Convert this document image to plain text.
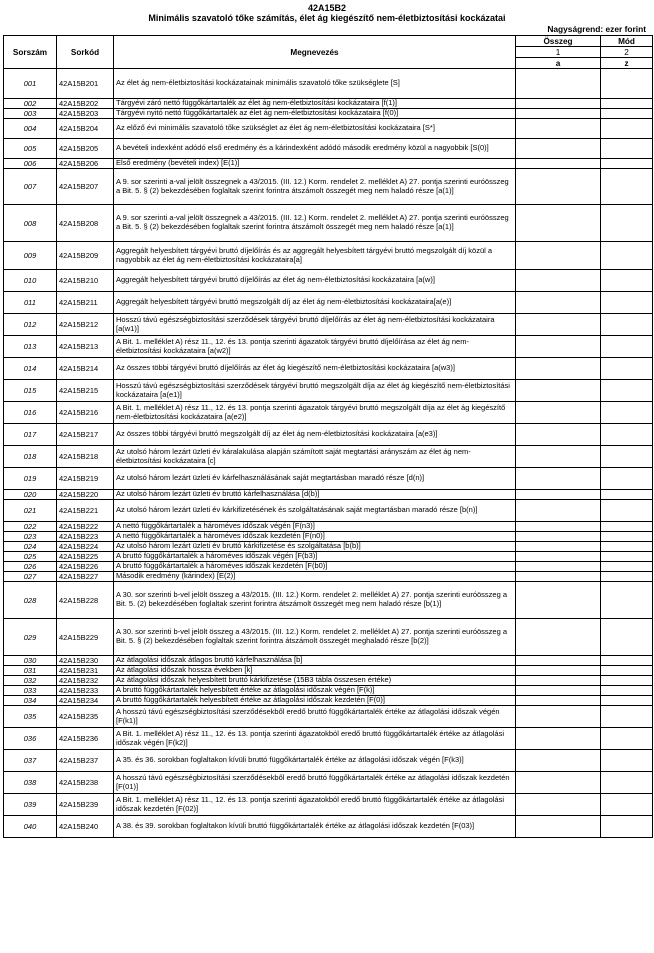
42A15B2
Minimális szavatoló tőke számítás, élet ág kiegészítő nem-életbiztosítási kockázatai
Nagyságrend: ezer forint
Sorszám	Sorkód	Megnevezés	Összeg	Mód
			1	2
			a	z
001	42A15B201	Az élet ág nem-életbiztosítási kockázatainak minimális szavatoló tőke szükséglete [S]		
002	42A15B202	Tárgyévi záró nettó függőkártartalék az élet ág nem-életbiztosítási kockázataira [f(1)]		
003	42A15B203	Tárgyévi nyitó nettó függőkártartalék az élet ág nem-életbiztosítási kockázataira [f(0)]		
004	42A15B204	Az előző évi minimális szavatoló tőke szükséglet az élet ág nem-életbiztosítási kockázataira [S*]		
005	42A15B205	A bevételi indexként adódó első eredmény és a kárindexként adódó második eredmény közül a nagyobbik [S(0)]		
006	42A15B206	Első eredmény (bevételi index) [E(1)]		
007	42A15B207	A 9. sor szerinti a-val jelölt összegnek a 43/2015. (III. 12.) Korm. rendelet 2. melléklet A) 27. pontja szerinti euróösszeg a Bit. 5. § (2) bekezdésében foglaltak szerint forintra átszámolt összegét meg nem haladó része [a(1)]		
008	42A15B208	A 9. sor szerinti a-val jelölt összegnek a 43/2015. (III. 12.) Korm. rendelet 2. melléklet A) 27. pontja szerinti euróösszeg a Bit. 5. § (2) bekezdésében foglaltak szerint forintra átszámolt összegét meg nem haladó része [a(1)]		
009	42A15B209	Aggregált helyesbített tárgyévi bruttó díjelőírás és az aggregált helyesbített tárgyévi bruttó megszolgált díj közül a nagyobbik az élet ág nem-életbiztosítási kockázataira[a]		
010	42A15B210	Aggregált helyesbített tárgyévi bruttó díjelőírás az élet ág nem-életbiztosítási kockázataira [a(w)]		
011	42A15B211	Aggregált helyesbített tárgyévi bruttó megszolgált díj az élet ág nem-életbiztosítási kockázataira[a(e)]		
012	42A15B212	Hosszú távú egészségbiztosítási szerződések tárgyévi bruttó díjelőírás az élet ág nem-életbiztosítási kockázataira [a(w1)]		
013	42A15B213	A Bit. 1. melléklet A) rész 11., 12. és 13. pontja szerinti ágazatok tárgyévi bruttó díjelőírása az élet ág nem-életbiztosítási kockázataira [a(w2)]		
014	42A15B214	Az összes többi tárgyévi bruttó díjelőírás az élet ág kiegészítő nem-életbiztosítási kockázataira [a(w3)]		
015	42A15B215	Hosszú távú egészségbiztosítási szerződések tárgyévi bruttó megszolgált díja az élet ág kiegészítő nem-életbiztosítási kockázataira [a(e1)]		
016	42A15B216	A Bit. 1. melléklet A) rész 11., 12. és 13. pontja szerinti ágazatok tárgyévi bruttó megszolgált díja az élet ág kiegészítő nem-életbiztosítási kockázataira [a(e2)]		
017	42A15B217	Az összes többi tárgyévi bruttó megszolgált díj az élet ág nem-életbiztosítási kockázataira [a(e3)]		
018	42A15B218	Az utolsó három lezárt üzleti év káralakulása alapján számított saját megtartási arányszám az élet ág nem-életbiztosítási kockázataira [c]		
019	42A15B219	Az utolsó három lezárt üzleti év kárfelhasználásának saját megtartásban maradó része [d(n)]		
020	42A15B220	Az utolsó három lezárt üzleti év bruttó kárfelhasználása [d(b)]		
021	42A15B221	Az utolsó három lezárt üzleti év kárkifizetésének és szolgáltatásának saját megtartásban maradó része [b(n)]		
022	42A15B222	A nettó függőkártartalék a hároméves időszak végén [F(n3)]		
023	42A15B223	A nettó függőkártartalék a hároméves időszak kezdetén [F(n0)]		
024	42A15B224	Az utolsó három lezárt üzleti év bruttó kárkifizetése és szolgáltatása [b(b)]		
025	42A15B225	A bruttó függőkártartalék a hároméves időszak végén [F(b3)]		
026	42A15B226	A bruttó függőkártartalék a hároméves időszak kezdetén [F(b0)]		
027	42A15B227	Második eredmény (kárindex) [E(2)]		
028	42A15B228	A 30. sor szerinti b-vel jelölt összeg a 43/2015. (III. 12.) Korm. rendelet 2. melléklet A) 27. pontja szerinti euróösszeg a Bit. 5. (2) bekezdésében foglaltak szerint forintra átszámolt összegét meg nem haladó része [b(1)]		
029	42A15B229	A 30. sor szerinti b-vel jelölt összeg a 43/2015. (III. 12.) Korm. rendelet 2. melléklet A) 27. pontja szerinti euróösszeg a Bit. 5. § (2) bekezdésében foglaltak szerint forintra átszámolt összegét meghaladó része [b(2)]		
030	42A15B230	Az átlagolási időszak átlagos bruttó kárfelhasználása [b]		
031	42A15B231	Az átlagolási időszak hossza években [k]		
032	42A15B232	Az átlagolási időszak helyesbített bruttó kárkifizetése (15B3 tábla összesen értéke)		
033	42A15B233	A bruttó függőkártartalék helyesbített értéke az átlagolási időszak végén [F(k)]		
034	42A15B234	A bruttó függőkártartalék helyesbített értéke az átlagolási időszak kezdetén [F(0)]		
035	42A15B235	A hosszú távú egészségbiztosítási szerződésekből eredő bruttó függőkártartalék értéke az átlagolási időszak végén [F(k1)]		
036	42A15B236	A Bit. 1. melléklet A) rész 11., 12. és 13. pontja szerinti ágazatokból eredő bruttó függőkártartalék értéke az átlagolási időszak végén [F(k2)]		
037	42A15B237	A 35. és 36. sorokban foglaltakon kívüli bruttó függőkártartalék értéke az átlagolási időszak végén [F(k3)]		
038	42A15B238	A hosszú távú egészségbiztosítási szerződésekből eredő bruttó függőkártartalék értéke az átlagolási időszak kezdetén [F(01)]		
039	42A15B239	A Bit. 1. melléklet A) rész 11., 12. és 13. pontja szerinti ágazatokból eredő bruttó függőkártartalék értéke az átlagolási időszak kezdetén [F(02)]		
040	42A15B240	A 38. és 39. sorokban foglaltakon kívüli bruttó függőkártartalék értéke az átlagolási időszak kezdetén [F(03)]		
